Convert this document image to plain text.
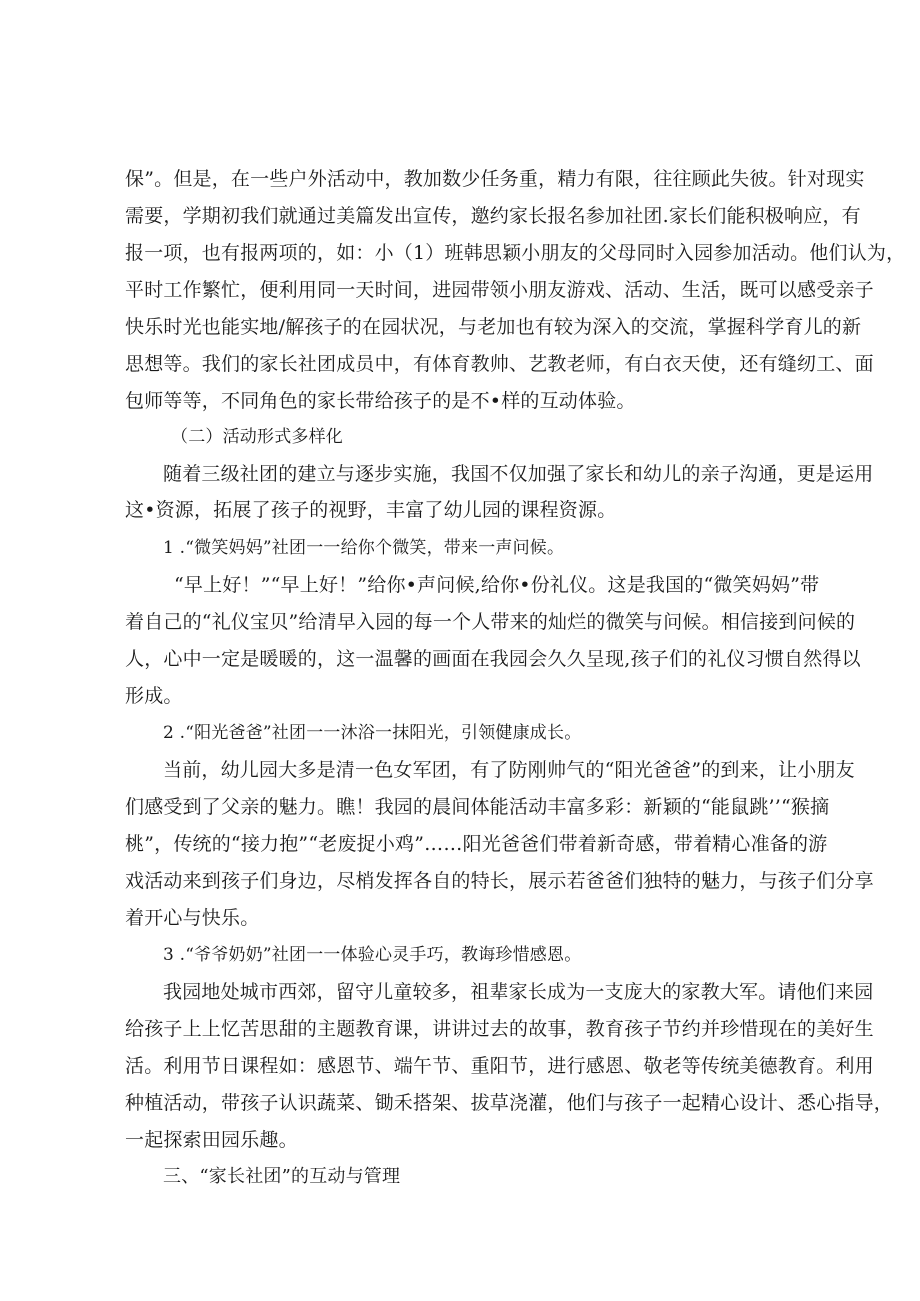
保”。但是，在一些户外活动中，教加数少任务重，精力有限，往往顾此失彼。针对现实
需要，学期初我们就通过美篇发出宣传，邀约家长报名参加社团.家长们能积极响应，有
报一项，也有报两项的，如：小（1）班韩思颖小朋友的父母同时入园参加活动。他们认为，
平时工作繁忙，便利用同一天时间，进园带领小朋友游戏、活动、生活，既可以感受亲子
快乐时光也能实地/解孩子的在园状况，与老加也有较为深入的交流，掌握科学育儿的新
思想等。我们的家长社团成员中，有体育教帅、艺教老师，有白衣天使，还有缝纫工、面
包师等等，不同角色的家长带给孩子的是不•样的互动体验。
（二）活动形式多样化
随着三级社团的建立与逐步实施，我国不仅加强了家长和幼儿的亲子沟通，更是运用
这•资源，拓展了孩子的视野，丰富了幼儿园的课程资源。
1 .“微笑妈妈”社团一一给你个微笑，带来一声问候。
“早上好！”“早上好！”给你•声问候,给你•份礼仪。这是我国的“微笑妈妈”带
着自己的“礼仪宝贝”给清早入园的每一个人带来的灿烂的微笑与问候。相信接到问候的
人，心中一定是暖暖的，这一温馨的画面在我园会久久呈现,孩子们的礼仪习惯自然得以
形成。
2 .“阳光爸爸”社团一一沐浴一抹阳光，引领健康成长。
当前，幼儿园大多是清一色女军团，有了防刚帅气的“阳光爸爸”的到来，让小朋友
们感受到了父亲的魅力。瞧！我园的晨间体能活动丰富多彩：新颖的“能鼠跳’’“猴摘
桃”，传统的“接力抱”“老废捉小鸡”……阳光爸爸们带着新奇感，带着精心准备的游
戏活动来到孩子们身边，尽梢发挥各自的特长，展示若爸爸们独特的魅力，与孩子们分享
着开心与快乐。
3 .“爷爷奶奶”社团一一体验心灵手巧，教诲珍惜感恩。
我园地处城市西郊，留守儿童较多，祖辈家长成为一支庞大的家教大军。请他们来园
给孩子上上忆苦思甜的主题教育课，讲讲过去的故事，教育孩子节约并珍惜现在的美好生
活。利用节日课程如：感恩节、端午节、重阳节，进行感恩、敬老等传统美德教育。利用
种植活动，带孩子认识蔬菜、锄禾搭架、拔草浇灌，他们与孩子一起精心设计、悉心指导，
一起探索田园乐趣。
三、“家长社团”的互动与管理
